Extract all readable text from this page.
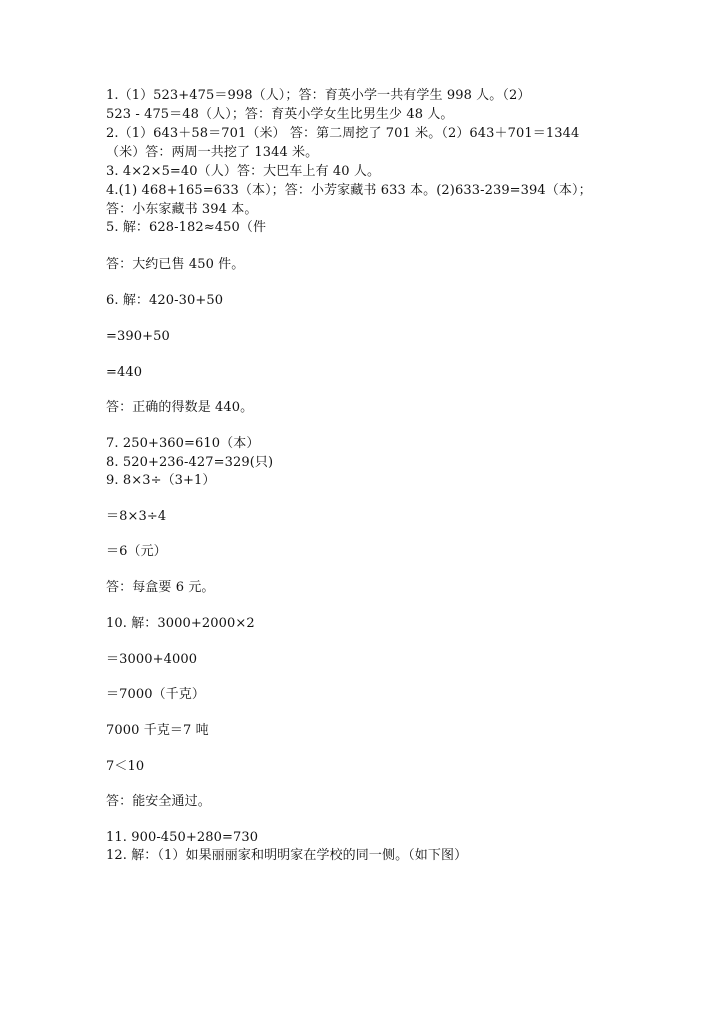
1.（1）523+475＝998（人）；答：育英小学一共有学生 998 人。（2）
523 - 475＝48（人）；答：育英小学女生比男生少 48 人。
2.（1）643＋58＝701（米） 答：第二周挖了 701 米。（2）643＋701＝1344
（米）答：两周一共挖了 1344 米。
3. 4×2×5=40（人）答：大巴车上有 40 人。
4.(1) 468+165=633（本）；答：小芳家藏书 633 本。(2)633-239=394（本）；
答：小东家藏书 394 本。
5. 解：628-182≈450（件
答：大约已售 450 件。
6. 解：420-30+50
=390+50
=440
答：正确的得数是 440。
7. 250+360=610（本）
8. 520+236-427=329(只)
9. 8×3÷（3+1）
＝8×3÷4
＝6（元）
答：每盒要 6 元。
10. 解：3000+2000×2
＝3000+4000
＝7000（千克）
7000 千克＝7 吨
7＜10
答：能安全通过。
11. 900-450+280=730
12. 解：（1）如果丽丽家和明明家在学校的同一侧。（如下图）
